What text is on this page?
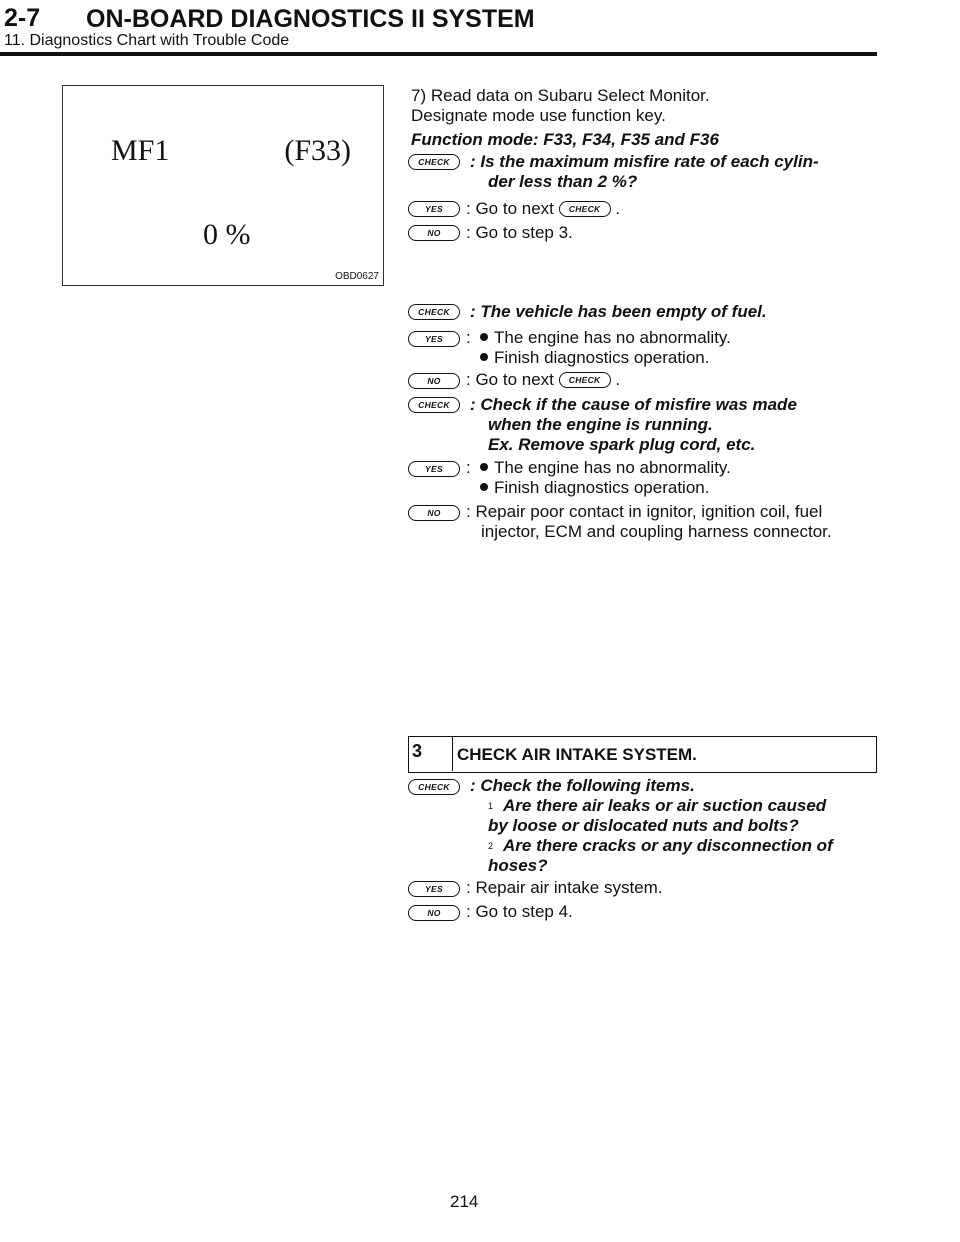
2-7 ON-BOARD DIAGNOSTICS II SYSTEM
11. Diagnostics Chart with Trouble Code
MF1	(F33)
0 %
OBD0627
7) Read data on Subaru Select Monitor.
Designate mode use function key.
Function mode: F33, F34, F35 and F36
CHECK	: Is the maximum misfire rate of each cylin-
der less than 2 %?
YES	: Go to next CHECK .
NO	: Go to step 3.
CHECK	: The vehicle has been empty of fuel.
YES	:	The engine has no abnormality.
Finish diagnostics operation.
NO	: Go to next CHECK .
CHECK	: Check if the cause of misfire was made
when the engine is running.
Ex. Remove spark plug cord, etc.
YES	:	The engine has no abnormality.
Finish diagnostics operation.
NO	: Repair poor contact in ignitor, ignition coil, fuel
injector, ECM and coupling harness connector.
3	CHECK AIR INTAKE SYSTEM.
CHECK	: Check the following items.
1 Are there air leaks or air suction caused
by loose or dislocated nuts and bolts?
2 Are there cracks or any disconnection of
hoses?
YES	: Repair air intake system.
NO	: Go to step 4.
214
